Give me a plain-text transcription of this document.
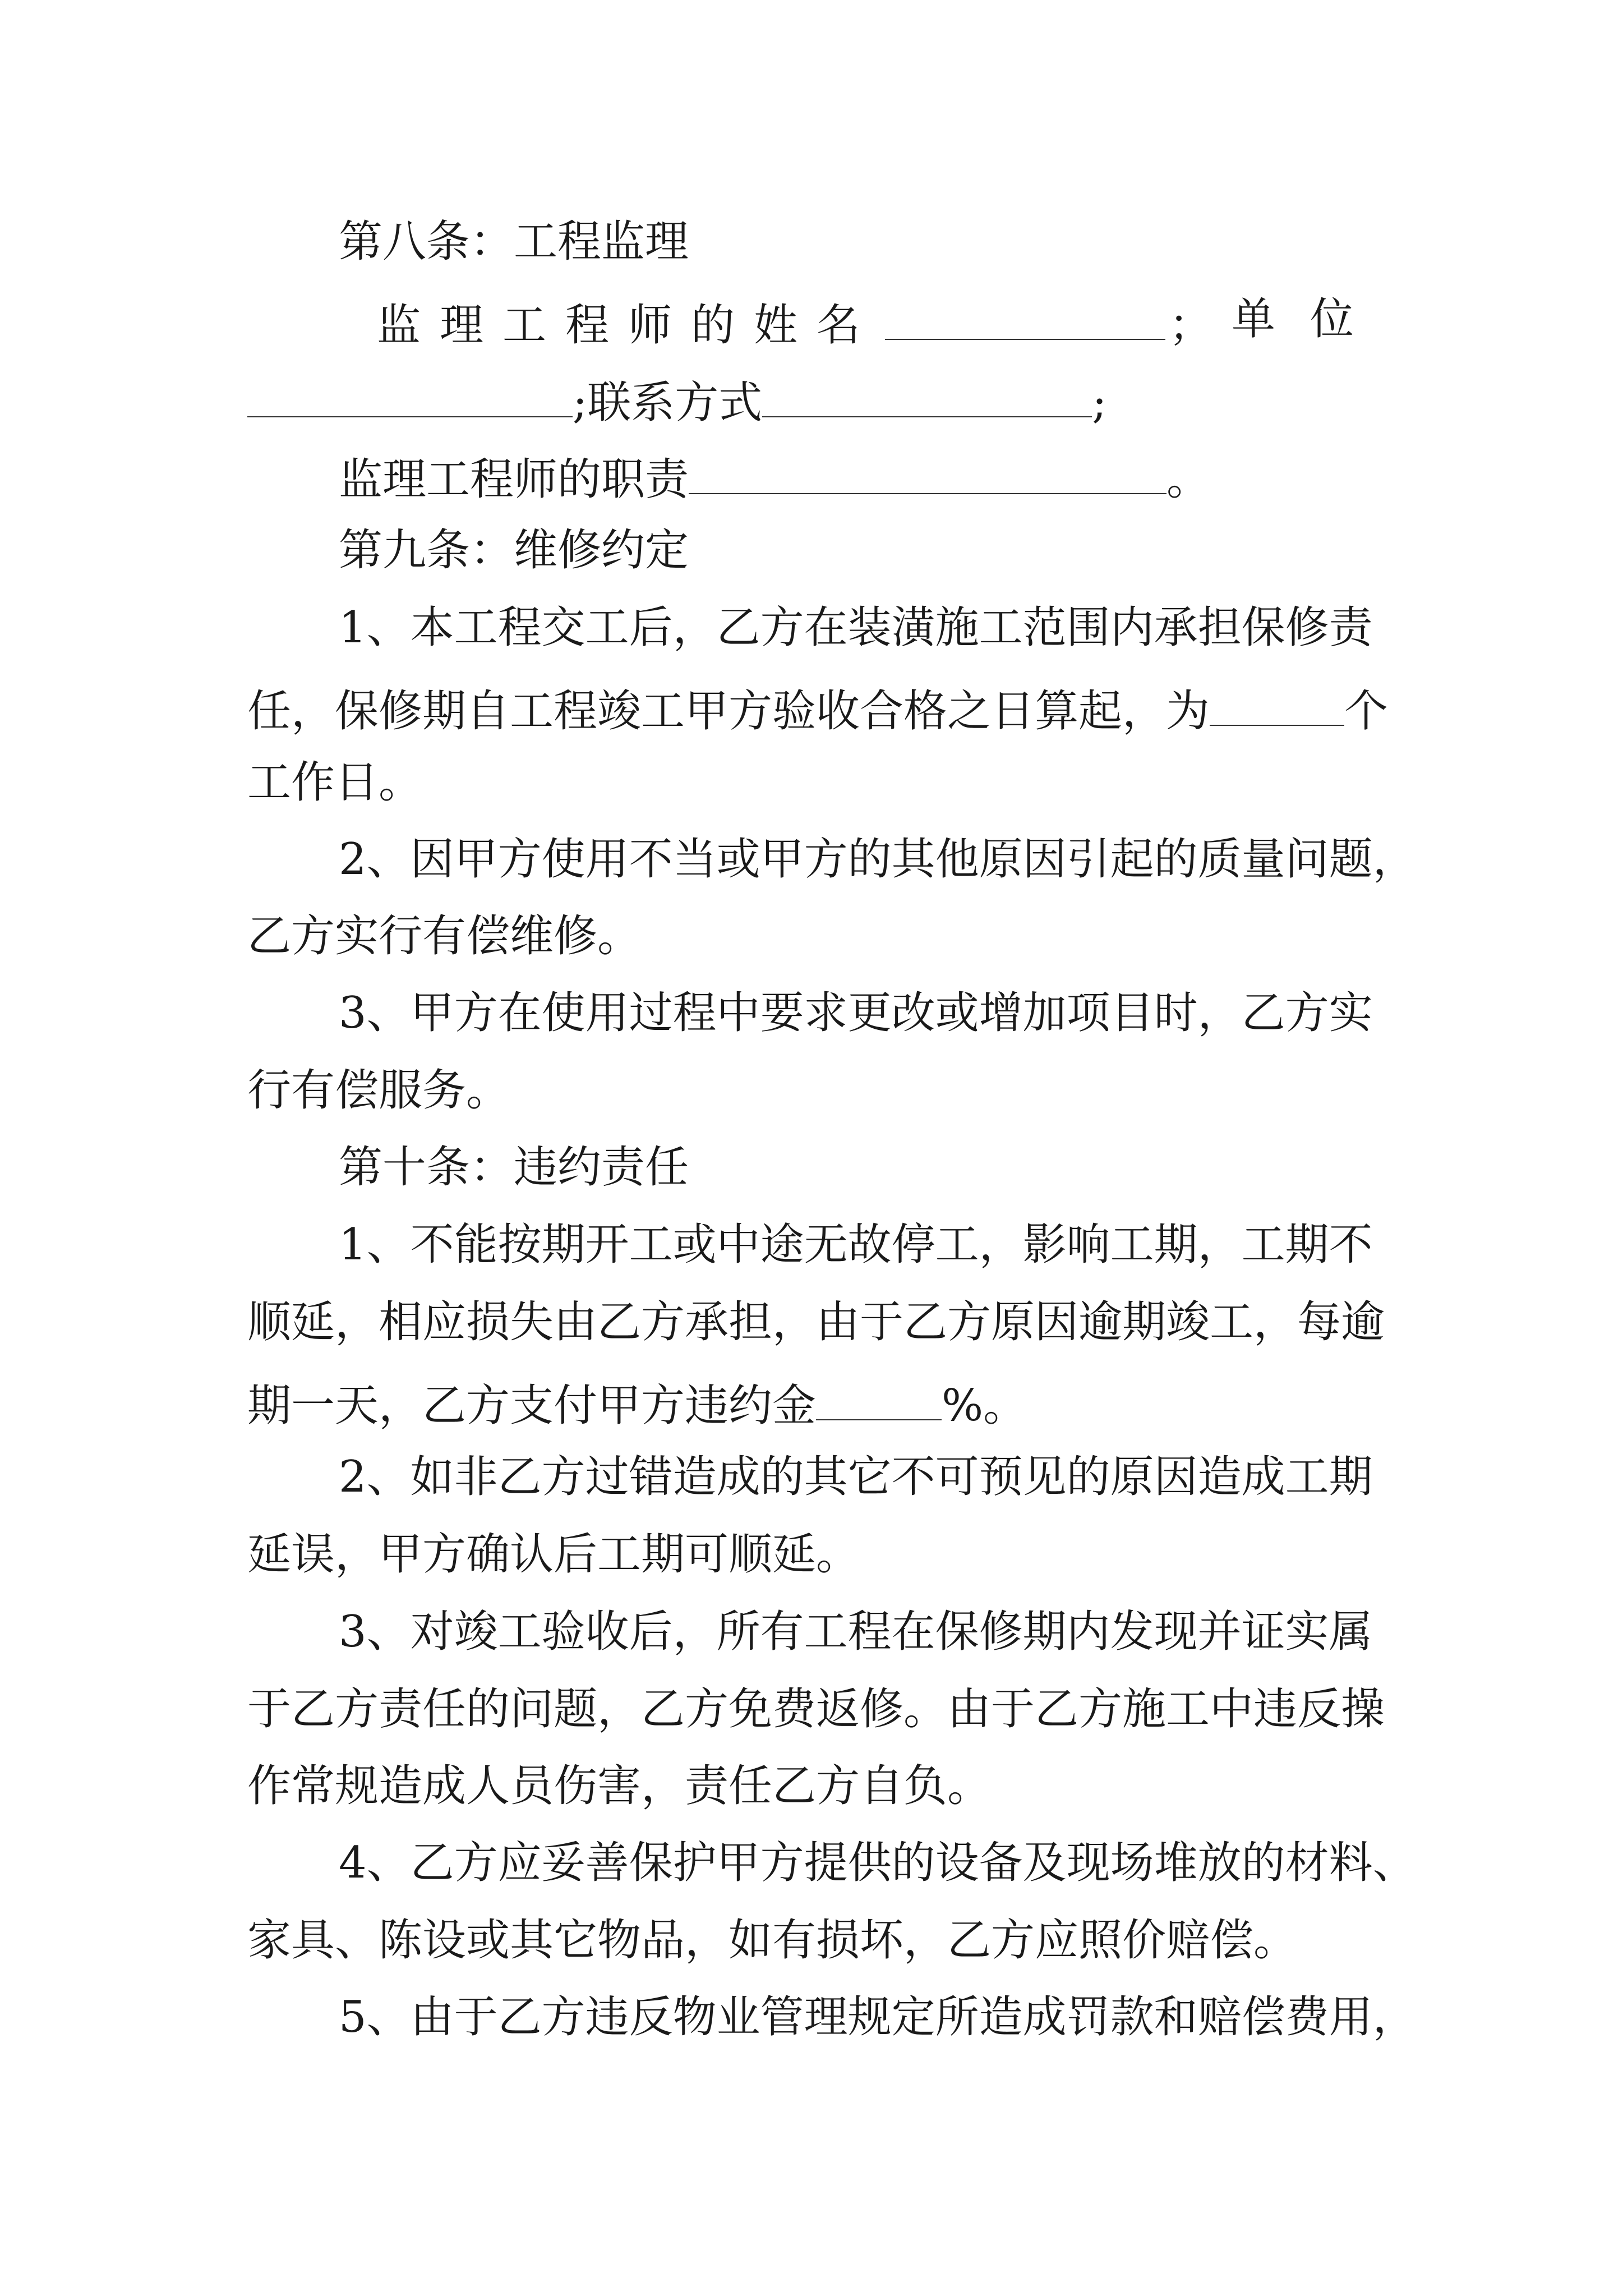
第八条：工程监理
监理工程师的姓名	； 单位
;联系方式	;
监理工程师的职责	。
第九条：维修约定
1、本工程交工后，乙方在装潢施工范围内承担保修责
任，保修期自工程竣工甲方验收合格之日算起，为	个
工作日。
2、因甲方使用不当或甲方的其他原因引起的质量问题，
乙方实行有偿维修。
3、甲方在使用过程中要求更改或增加项目时，乙方实
行有偿服务。
第十条：违约责任
1、不能按期开工或中途无故停工，影响工期，工期不
顺延，相应损失由乙方承担，由于乙方原因逾期竣工，每逾
期一天，乙方支付甲方违约金	%。
2、如非乙方过错造成的其它不可预见的原因造成工期
延误，甲方确认后工期可顺延。
3、对竣工验收后，所有工程在保修期内发现并证实属
于乙方责任的问题，乙方免费返修。由于乙方施工中违反操
作常规造成人员伤害，责任乙方自负。
4、乙方应妥善保护甲方提供的设备及现场堆放的材料、
家具、陈设或其它物品，如有损坏，乙方应照价赔偿。
5、由于乙方违反物业管理规定所造成罚款和赔偿费用，
